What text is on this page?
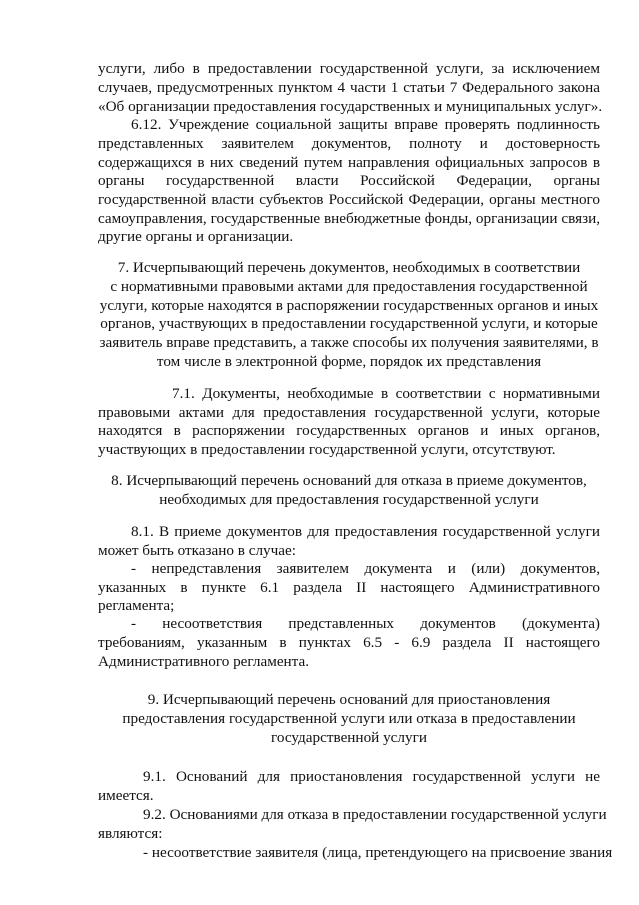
услуги, либо в предоставлении государственной услуги, за исключением
случаев, предусмотренных пунктом 4 части 1 статьи 7 Федерального закона
«Об организации предоставления государственных и муниципальных услуг».
6.12. Учреждение социальной защиты вправе проверять подлинность
представленных заявителем документов, полноту и достоверность
содержащихся в них сведений путем направления официальных запросов в
органы государственной власти Российской Федерации, органы
государственной власти субъектов Российской Федерации, органы местного
самоуправления, государственные внебюджетные фонды, организации связи,
другие органы и организации.
7. Исчерпывающий перечень документов, необходимых в соответствии
с нормативными правовыми актами для предоставления государственной
услуги, которые находятся в распоряжении государственных органов и иных
органов, участвующих в предоставлении государственной услуги, и которые
заявитель вправе представить, а также способы их получения заявителями, в
том числе в электронной форме, порядок их представления
7.1. Документы, необходимые в соответствии с нормативными
правовыми актами для предоставления государственной услуги, которые
находятся в распоряжении государственных органов и иных органов,
участвующих в предоставлении государственной услуги, отсутствуют.
8. Исчерпывающий перечень оснований для отказа в приеме документов,
необходимых для предоставления государственной услуги
8.1. В приеме документов для предоставления государственной услуги
может быть отказано в случае:
- непредставления заявителем документа и (или) документов,
указанных в пункте 6.1 раздела II настоящего Административного
регламента;
- несоответствия представленных документов (документа)
требованиям, указанным в пунктах 6.5 - 6.9 раздела II настоящего
Административного регламента.
9. Исчерпывающий перечень оснований для приостановления
предоставления государственной услуги или отказа в предоставлении
государственной услуги
9.1. Оснований для приостановления государственной услуги не
имеется.
9.2. Основаниями для отказа в предоставлении государственной услуги
являются:
- несоответствие заявителя (лица, претендующего на присвоение звания
